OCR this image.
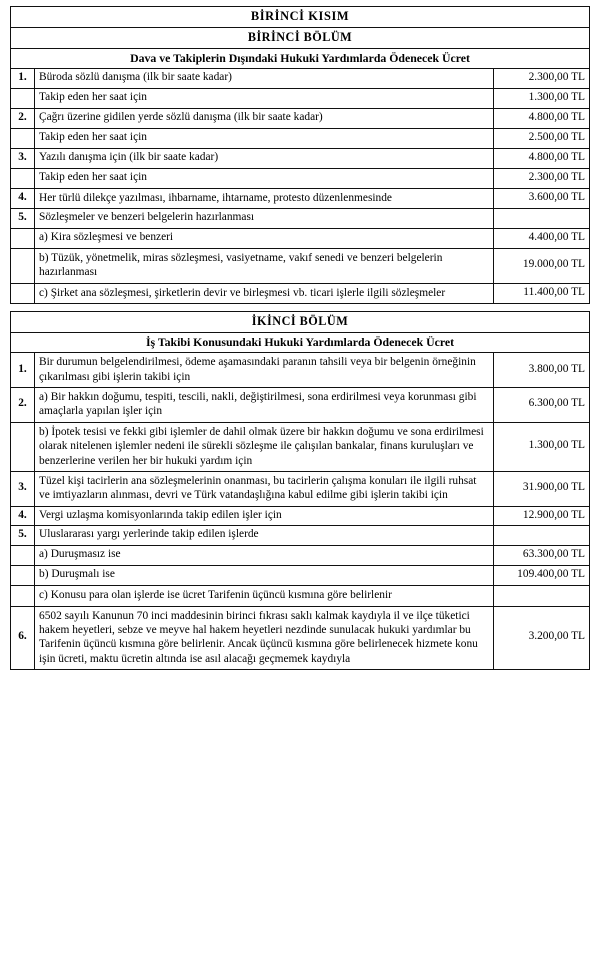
BİRİNCİ KISIM		
BİRİNCİ BÖLÜM		
Dava ve Takiplerin Dışındaki Hukuki Yardımlarda Ödenecek Ücret		
1.	Büroda sözlü danışma (ilk bir saate kadar)	2.300,00 TL
	Takip eden her saat için	1.300,00 TL
2.	Çağrı üzerine gidilen yerde sözlü danışma (ilk bir saate kadar)	4.800,00 TL
	Takip eden her saat için	2.500,00 TL
3.	Yazılı danışma için (ilk bir saate kadar)	4.800,00 TL
	Takip eden her saat için	2.300,00 TL
4.	Her türlü dilekçe yazılması, ihbarname, ihtarname, protesto düzenlenmesinde	3.600,00 TL
5.	Sözleşmeler ve benzeri belgelerin hazırlanması	
	a) Kira sözleşmesi ve benzeri	4.400,00 TL
	b) Tüzük, yönetmelik, miras sözleşmesi, vasiyetname, vakıf senedi ve benzeri belgelerin hazırlanması	19.000,00 TL
	c) Şirket ana sözleşmesi, şirketlerin devir ve birleşmesi vb. ticari işlerle ilgili sözleşmeler	11.400,00 TL
İKİNCİ BÖLÜM		
İş Takibi Konusundaki Hukuki Yardımlarda Ödenecek Ücret		
1.	Bir durumun belgelendirilmesi, ödeme aşamasındaki paranın tahsili veya bir belgenin örneğinin çıkarılması gibi işlerin takibi için	3.800,00 TL
2.	a) Bir hakkın doğumu, tespiti, tescili, nakli, değiştirilmesi, sona erdirilmesi veya korunması gibi amaçlarla yapılan işler için	6.300,00 TL
	b) İpotek tesisi ve fekki gibi işlemler de dahil olmak üzere bir hakkın doğumu ve sona erdirilmesi olarak nitelenen işlemler nedeni ile sürekli sözleşme ile çalışılan bankalar, finans kuruluşları ve benzerlerine verilen her bir hukuki yardım için	1.300,00 TL
3.	Tüzel kişi tacirlerin ana sözleşmelerinin onanması, bu tacirlerin çalışma konuları ile ilgili ruhsat ve imtiyazların alınması, devri ve Türk vatandaşlığına kabul edilme gibi işlerin takibi için	31.900,00 TL
4.	Vergi uzlaşma komisyonlarında takip edilen işler için	12.900,00 TL
5.	Uluslararası yargı yerlerinde takip edilen işlerde	
	a) Duruşmasız ise	63.300,00 TL
	b) Duruşmalı ise	109.400,00 TL
	c) Konusu para olan işlerde ise ücret Tarifenin üçüncü kısmına göre belirlenir	
6.	6502 sayılı Kanunun 70 inci maddesinin birinci fıkrası saklı kalmak kaydıyla il ve ilçe tüketici hakem heyetleri, sebze ve meyve hal hakem heyetleri nezdinde sunulacak hukuki yardımlar bu Tarifenin üçüncü kısmına göre belirlenir. Ancak üçüncü kısmına göre belirlenecek hizmete konu işin ücreti, maktu ücretin altında ise asıl alacağı geçmemek kaydıyla	3.200,00 TL
